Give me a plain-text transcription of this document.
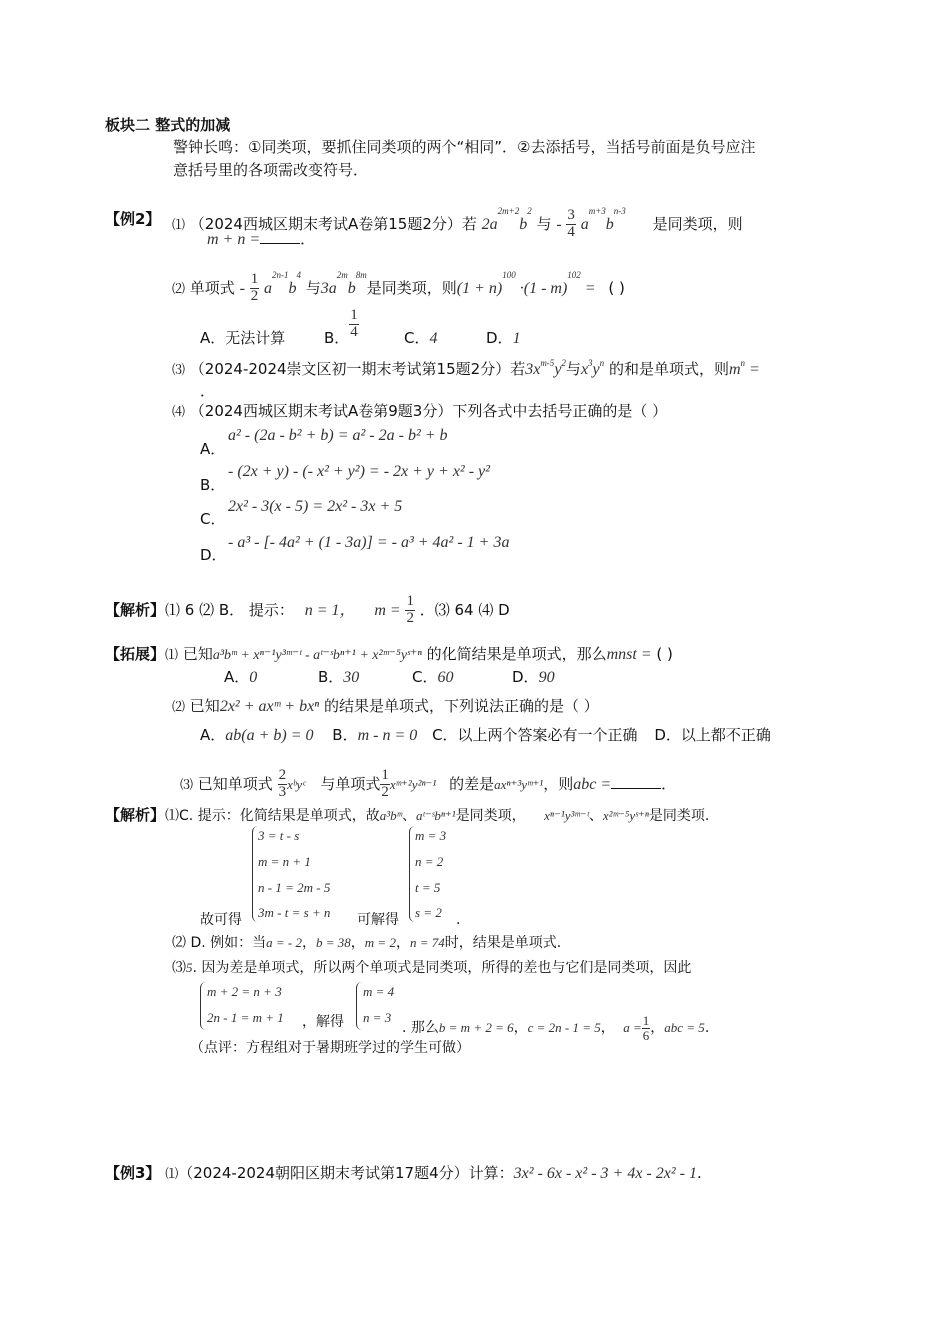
板块二 整式的加减
警钟长鸣：①同类项，要抓住同类项的两个“相同”．②去添括号，当括号前面是负号应注
意括号里的各项需改变符号．
【例2】 ⑴ （2024西城区期末考试A卷第15题2分）若 $2a^{2m+2}b^2$ 与 - $\frac{3}{4} a^{m+3}b^{n-3}$ 是同类项，则
m + n =	．
⑵ 单项式 - $\frac{1}{2} a^{2n-1}b^4$ 与$3a^{2m}b^{8m}$是同类项，则$(1 + n)^{100} \cdot(1 - m)^{102}$ = ( )
A．无法计算	B． $\frac{1}{4}$	C．4	D．1
⑶ （2024-2024崇文区初一期末考试第15题2分）若$3x^{m-5}y^2$与$x^3y^n$ 的和是单项式，则$m^n$ =
．
⑷ （2024西城区期末考试A卷第9题3分）下列各式中去括号正确的是（ ）
A．
a² - (2a - b² + b) = a² - 2a - b² + b
B．
- (2x + y) - (- x² + y²) = - 2x + y + x² - y²
C．
2x² - 3(x - 5) = 2x² - 3x + 5
D．
- a³ - [- 4a² + (1 - 3a)] = - a³ + 4a² - 1 + 3a
【解析】⑴ 6 ⑵ B． 提示： n = 1， $m = \frac{1}{2}$ ．⑶ 64 ⑷ D
【拓展】⑴ 已知a³bᵐ + xⁿ⁻¹y³ᵐ⁻ᵗ - aᵗ⁻ˢbⁿ⁺¹ + x²ᵐ⁻⁵yˢ⁺ⁿ 的化简结果是单项式，那么mnst = ( )
A．0	B．30	C．60	D．90
⑵ 已知2x² + axᵐ + bxⁿ 的结果是单项式，下列说法正确的是（ ）
A．ab(a + b) = 0 B．m - n = 0 C．以上两个答案必有一个正确 D．以上都不正确
⑶ 已知单项式 $\frac{2}{3}$ xᵇyᶜ 与单项式 $\frac{1}{2}$ xᵐ⁺²y²ⁿ⁻¹ 的差是axⁿ⁺³yᵐ⁺¹，则abc =	．
【解析】⑴C. 提示：化简结果是单项式，故a³bᵐ、aᵗ⁻ˢbⁿ⁺¹是同类项， xⁿ⁻¹y³ᵐ⁻ᵗ、x²ᵐ⁻⁵yˢ⁺ⁿ是同类项.
3 = t - s
m = n + 1
n - 1 = 2m - 5
3m - t = s + n
故可得	可解得
m = 3
n = 2
t = 5
s = 2 .
⑵ D. 例如：当a = - 2，b = 38，m = 2，n = 74时，结果是单项式.
⑶5. 因为差是单项式，所以两个单项式是同类项，所得的差也与它们是同类项，因此
m + 2 = n + 3
2n - 1 = m + 1 ，解得
m = 4
n = 3
. 那么b = m + 2 = 6，c = 2n - 1 = 5， $a = \frac{1}{6}$ ，abc = 5.
（点评：方程组对于暑期班学过的学生可做）
【例3】 ⑴（2024-2024朝阳区期末考试第17题4分）计算：3x² - 6x - x² - 3 + 4x - 2x² - 1.
